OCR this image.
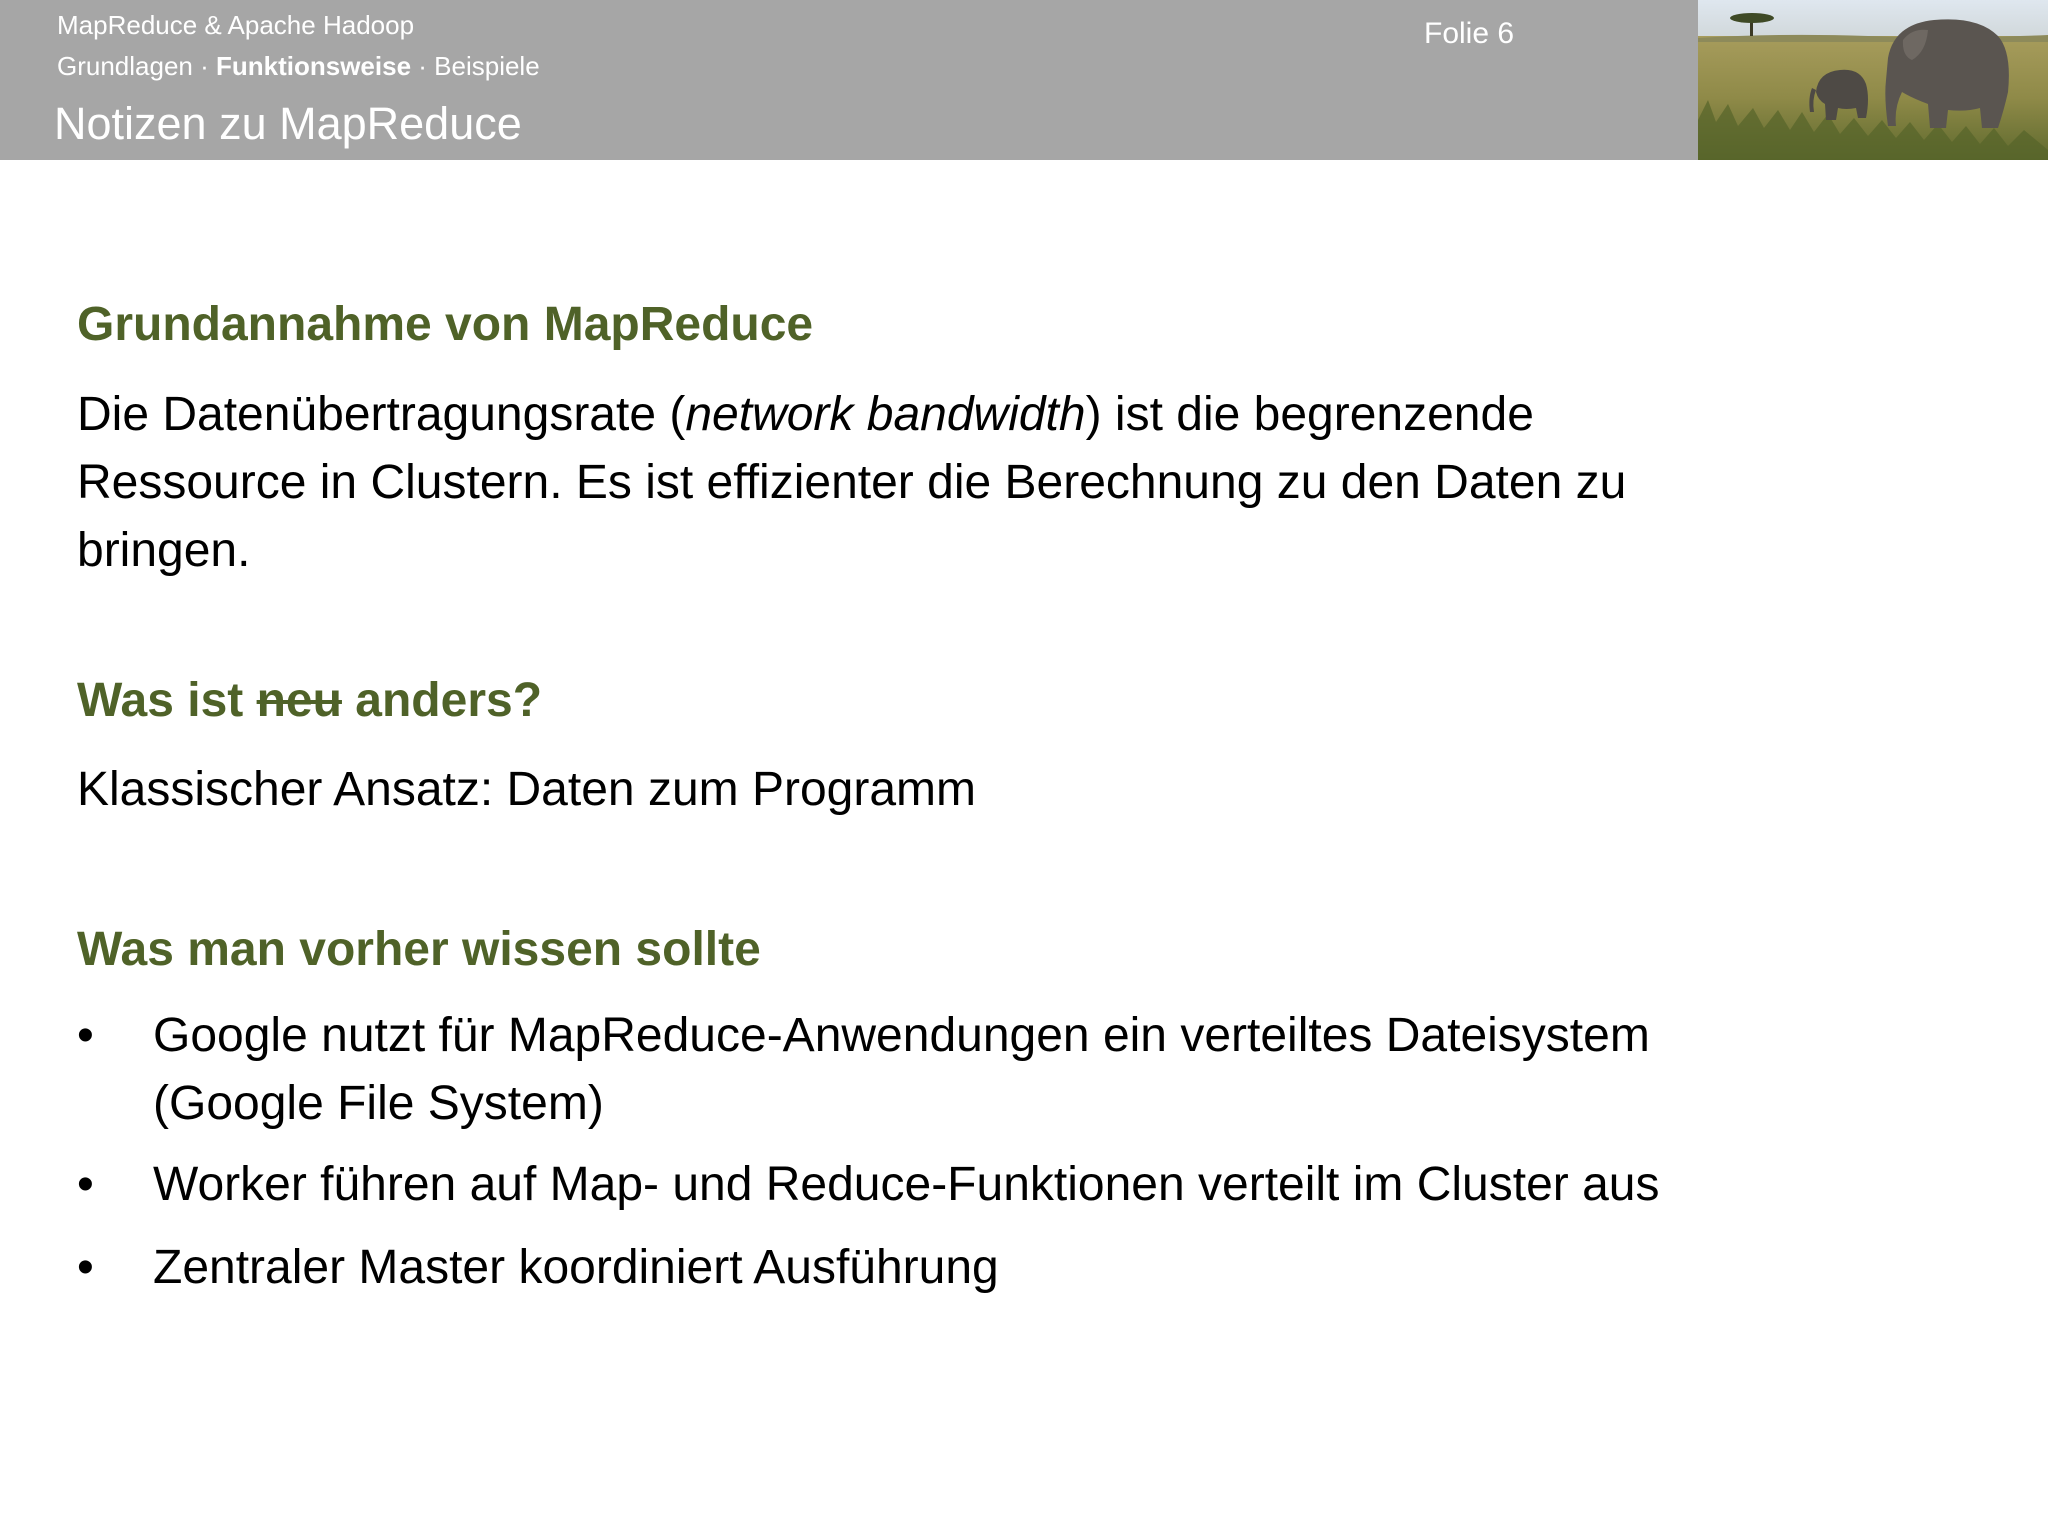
MapReduce & Apache Hadoop
Grundlagen · Funktionsweise · Beispiele
Notizen zu MapReduce
Folie 6
Grundannahme von MapReduce
Die Datenübertragungsrate (network bandwidth) ist die begrenzende
Ressource in Clustern. Es ist effizienter die Berechnung zu den Daten zu
bringen.
Was ist neu anders?
Klassischer Ansatz: Daten zum Programm
Was man vorher wissen sollte
•	Google nutzt für MapReduce-Anwendungen ein verteiltes Dateisystem
(Google File System)
•	Worker führen auf Map- und Reduce-Funktionen verteilt im Cluster aus
•	Zentraler Master koordiniert Ausführung
